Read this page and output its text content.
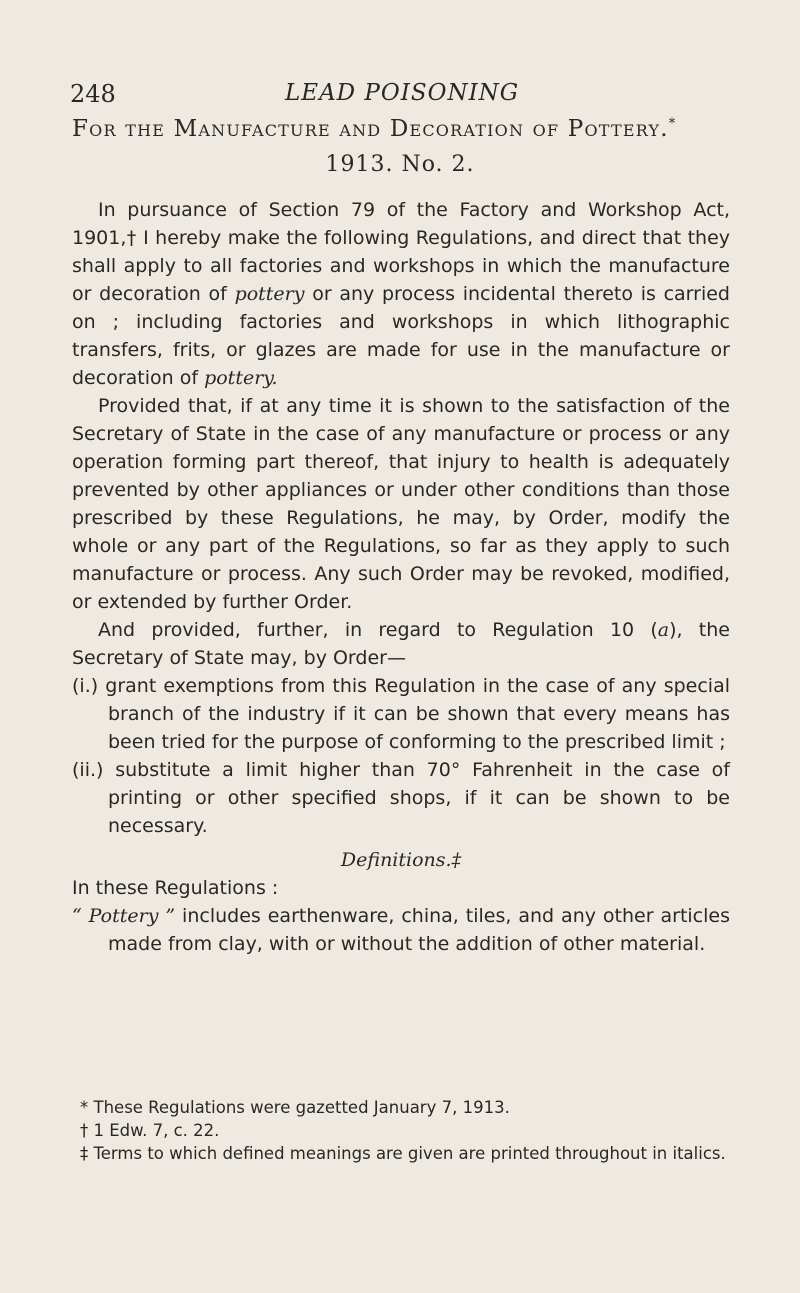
248	LEAD POISONING
For the Manufacture and Decoration of Pottery.*
1913. No. 2.

In pursuance of Section 79 of the Factory and Workshop Act, 1901,† I hereby make the following Regulations, and direct that they shall apply to all factories and workshops in which the manufacture or decoration of pottery or any process incidental thereto is carried on ; including factories and workshops in which lithographic transfers, frits, or glazes are made for use in the manufacture or decoration of pottery.

Provided that, if at any time it is shown to the satisfaction of the Secretary of State in the case of any manufacture or process or any operation forming part thereof, that injury to health is adequately prevented by other appliances or under other conditions than those prescribed by these Regulations, he may, by Order, modify the whole or any part of the Regulations, so far as they apply to such manufacture or process. Any such Order may be revoked, modified, or extended by further Order.

And provided, further, in regard to Regulation 10 (a), the Secretary of State may, by Order—

(i.) grant exemptions from this Regulation in the case of any special branch of the industry if it can be shown that every means has been tried for the purpose of conforming to the prescribed limit ;
(ii.) substitute a limit higher than 70° Fahrenheit in the case of printing or other specified shops, if it can be shown to be necessary.

Definitions.‡

In these Regulations :

“ Pottery ” includes earthenware, china, tiles, and any other articles made from clay, with or without the addition of other material.

* These Regulations were gazetted January 7, 1913.

† 1 Edw. 7, c. 22.

‡ Terms to which defined meanings are given are printed throughout in italics.
